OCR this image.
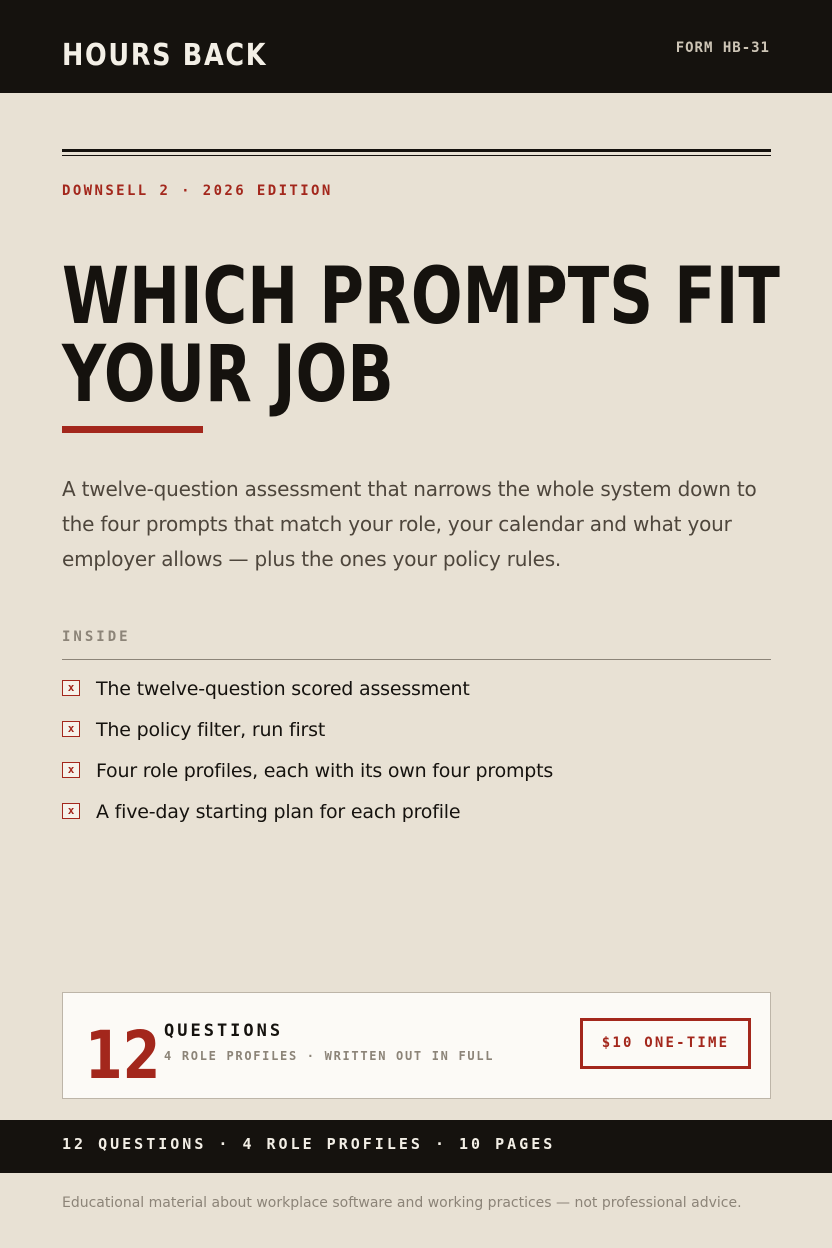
HOURS BACK	FORM HB-31
DOWNSELL 2 · 2026 EDITION
WHICH PROMPTS FIT
YOUR JOB

A twelve-question assessment that narrows the whole system down to the four prompts that match your role, your calendar and what your employer allows — plus the ones your policy rules.

INSIDE
x The twelve-question scored assessment
x The policy filter, run first
x Four role profiles, each with its own four prompts
x A five-day starting plan for each profile
12 QUESTIONS
4 ROLE PROFILES · WRITTEN OUT IN FULL
$10 ONE-TIME
12 QUESTIONS · 4 ROLE PROFILES · 10 PAGES
Educational material about workplace software and working practices — not professional advice.
